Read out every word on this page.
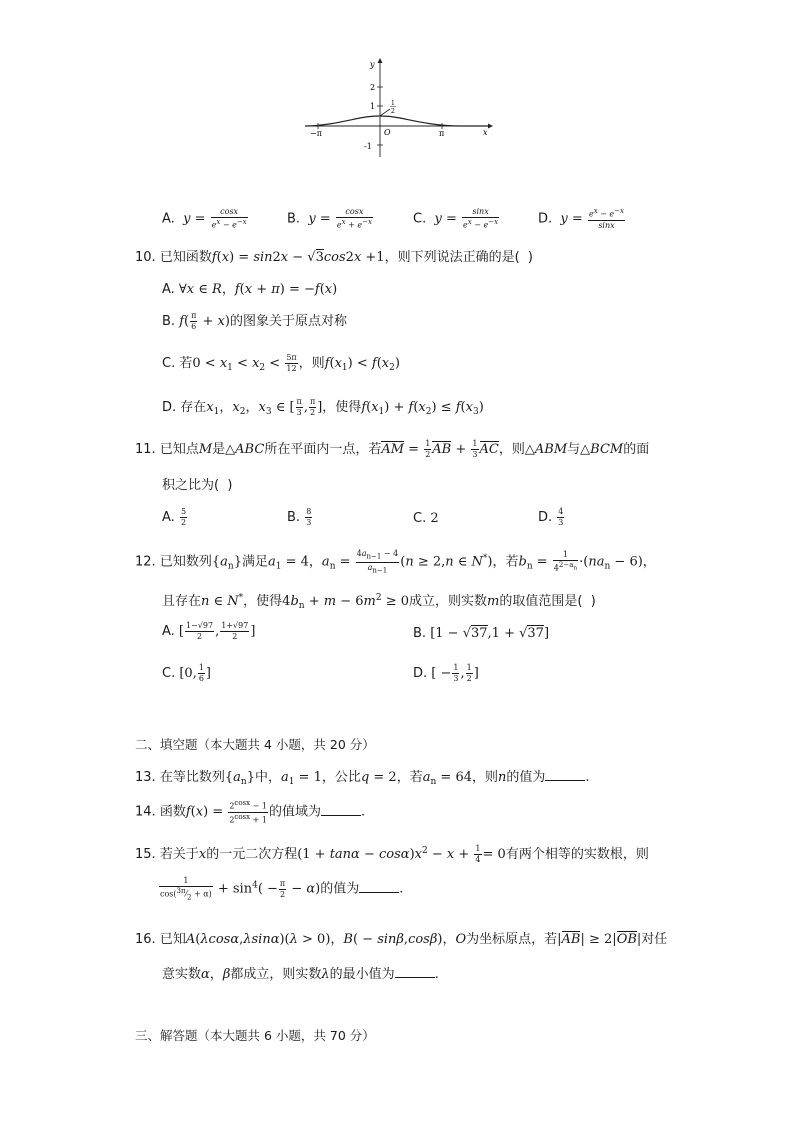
y
x
2
1
-1
O
−π	π
1
2
A. $y = \frac{\cos x}{e^x - e^{-x}}$	B. $y = \frac{\cos x}{e^x + e^{-x}}$	C. $y = \frac{\sin x}{e^x - e^{-x}}$	D. $y = \frac{e^x - e^{-x}}{\sin x}$
10. 已知函数f(x) = sin2x − √3cos2x +1，则下列说法正确的是( )
A. ∀x ∈ R，f(x + π) = −f(x)
B. $f( \frac{\pi}{6} + x)$的图象关于原点对称
C. 若$0 < x_1 < x_2 < \frac{5\pi}{12}$ ，则$f(x_1) < f(x_2)$
D. 存在$x_1$，$x_2$，$x_3$ ∈ [ $\frac{\pi}{3}$ , $\frac{\pi}{2}$ ]，使得$f(x_1) + f(x_2) \le f(x_3)$
11. 已知点M是△ABC所在平面内一点，若AM = $\frac{1}{2}$ AB + $\frac{1}{3}$ AC，则△ABM与△BCM的面
积之比为( )
A. $\frac{5}{2}$	B. $\frac{8}{3}$	C. 2	D. $\frac{4}{3}$
12. 已知数列$\{a_n\}$满足$a_1 = 4$，$a_n = \frac{4a_{n-1} - 4}{a_{n-1}} (n \ge 2,n$ ∈ N*)，若$b_n = \frac{1}{4^{2-a_n}} \cdot(na_n - 6)$，
且存在n ∈ N*，使得$4b_n + m - 6m^2 \ge 0$成立，则实数m的取值范围是( )
A. [ $\frac{1-√97}{2}$ , $\frac{1+√97}{2}$ ]	B. [1 − √37,1 + √37]
C. [0, $\frac{1}{6}$ ]	D. [ − $\frac{1}{3}$ , $\frac{1}{2}$ ]
二、填空题（本大题共 4 小题，共 20 分）
13. 在等比数列$\{a_n\}$中，$a_1 = 1$，公比q = 2，若$a_n = 64$，则n的值为	.
14. 函数$f(x) = \frac{2^{cosx} - 1}{2^{cosx} + 1}$ 的值域为	.
15. 若关于x的一元二次方程$(1 + \tan\alpha - \cos\alpha)x^2 - x + \frac{1}{4} = 0$有两个相等的实数根，则
$\frac{1}{\cos(^{3\pi}⁄_2 + \alpha)} + \sin^4( - \frac{\pi}{2} - \alpha)$的值为	.
16. 已知A(λcosα,λsinα)(λ > 0)，B( − sinβ,cosβ)，O为坐标原点，若|AB| ≥ 2|OB|对任
意实数α，β都成立，则实数λ的最小值为	.
三、解答题（本大题共 6 小题，共 70 分）
